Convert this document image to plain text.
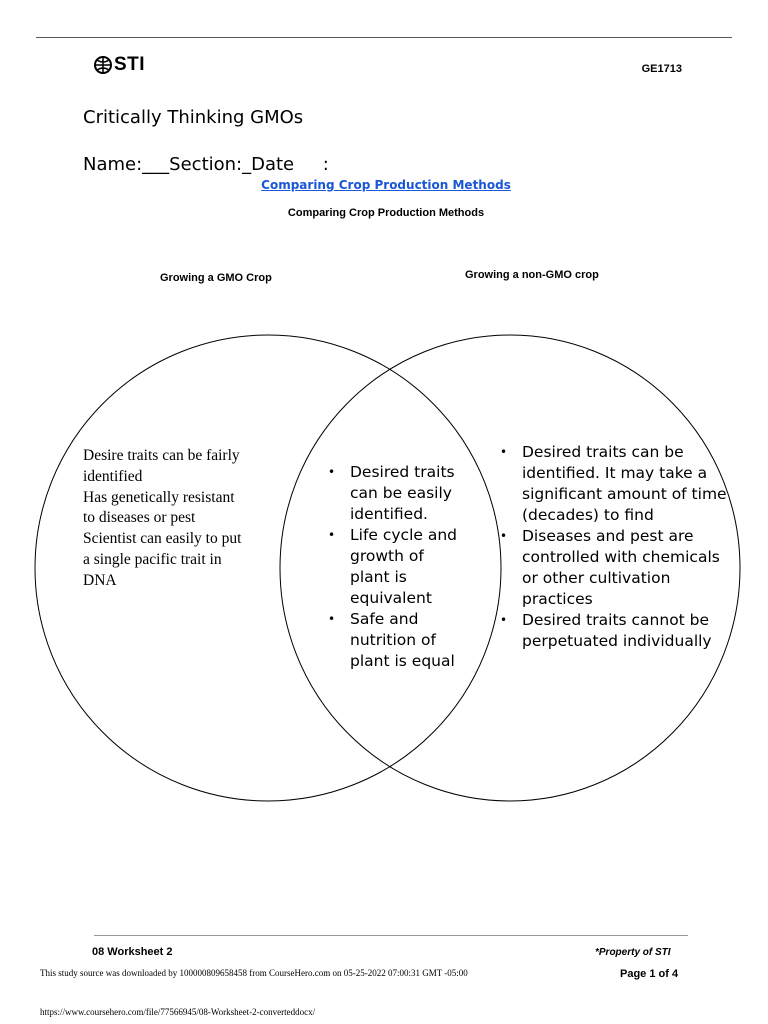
STI	GE1713
Critically Thinking GMOs
Name:___Section:_Date     :
Comparing Crop Production Methods
Comparing Crop Production Methods
Growing a GMO Crop	Growing a non-GMO crop
Desire traits can be fairly
identified
Has genetically resistant
to diseases or pest
Scientist can easily to put
a single pacific trait in
DNA
• Desired traits can be easily identified.
• Life cycle and growth of plant is equivalent
• Safe and nutrition of plant is equal
• Desired traits can be identified. It may take a significant amount of time (decades) to find
• Diseases and pest are controlled with chemicals or other cultivation practices
• Desired traits cannot be perpetuated individually
08 Worksheet 2	*Property of STI
This study source was downloaded by 100000809658458 from CourseHero.com on 05-25-2022 07:00:31 GMT -05:00	Page 1 of 4
https://www.coursehero.com/file/77566945/08-Worksheet-2-converteddocx/
